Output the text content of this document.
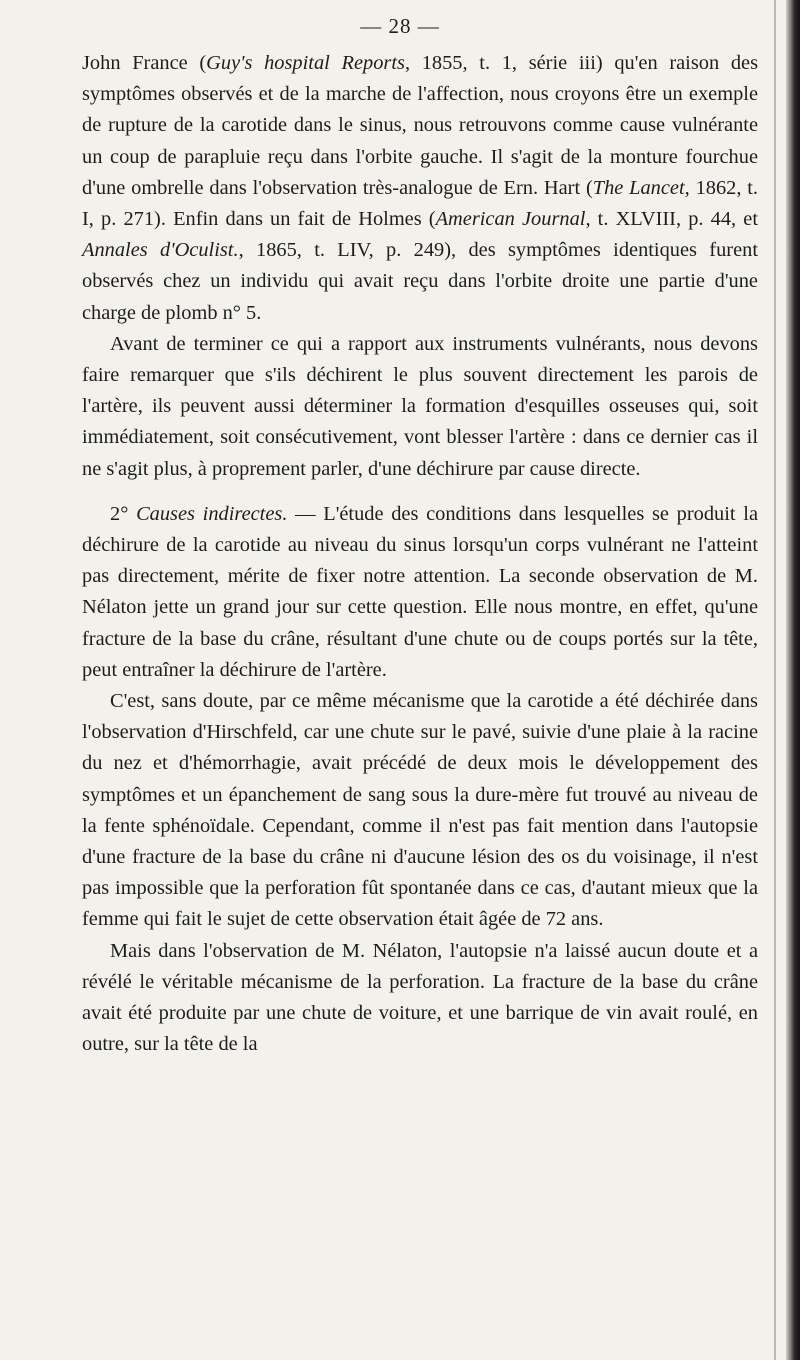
— 28 —

John France (Guy's hospital Reports, 1855, t. 1, série iii) qu'en raison des symptômes observés et de la marche de l'affection, nous croyons être un exemple de rupture de la carotide dans le sinus, nous retrouvons comme cause vulnérante un coup de parapluie reçu dans l'orbite gauche. Il s'agit de la monture fourchue d'une ombrelle dans l'observation très-analogue de Ern. Hart (The Lancet, 1862, t. I, p. 271). Enfin dans un fait de Holmes (American Journal, t. XLVIII, p. 44, et Annales d'Oculist., 1865, t. LIV, p. 249), des symptômes identiques furent observés chez un individu qui avait reçu dans l'orbite droite une partie d'une charge de plomb n° 5.

Avant de terminer ce qui a rapport aux instruments vulnérants, nous devons faire remarquer que s'ils déchirent le plus souvent directement les parois de l'artère, ils peuvent aussi déterminer la formation d'esquilles osseuses qui, soit immédiatement, soit consécutivement, vont blesser l'artère : dans ce dernier cas il ne s'agit plus, à proprement parler, d'une déchirure par cause directe.

2° Causes indirectes. — L'étude des conditions dans lesquelles se produit la déchirure de la carotide au niveau du sinus lorsqu'un corps vulnérant ne l'atteint pas directement, mérite de fixer notre attention. La seconde observation de M. Nélaton jette un grand jour sur cette question. Elle nous montre, en effet, qu'une fracture de la base du crâne, résultant d'une chute ou de coups portés sur la tête, peut entraîner la déchirure de l'artère.

C'est, sans doute, par ce même mécanisme que la carotide a été déchirée dans l'observation d'Hirschfeld, car une chute sur le pavé, suivie d'une plaie à la racine du nez et d'hémorrhagie, avait précédé de deux mois le développement des symptômes et un épanchement de sang sous la dure-mère fut trouvé au niveau de la fente sphénoïdale. Cependant, comme il n'est pas fait mention dans l'autopsie d'une fracture de la base du crâne ni d'aucune lésion des os du voisinage, il n'est pas impossible que la perforation fût spontanée dans ce cas, d'autant mieux que la femme qui fait le sujet de cette observation était âgée de 72 ans.

Mais dans l'observation de M. Nélaton, l'autopsie n'a laissé aucun doute et a révélé le véritable mécanisme de la perforation. La fracture de la base du crâne avait été produite par une chute de voiture, et une barrique de vin avait roulé, en outre, sur la tête de la
